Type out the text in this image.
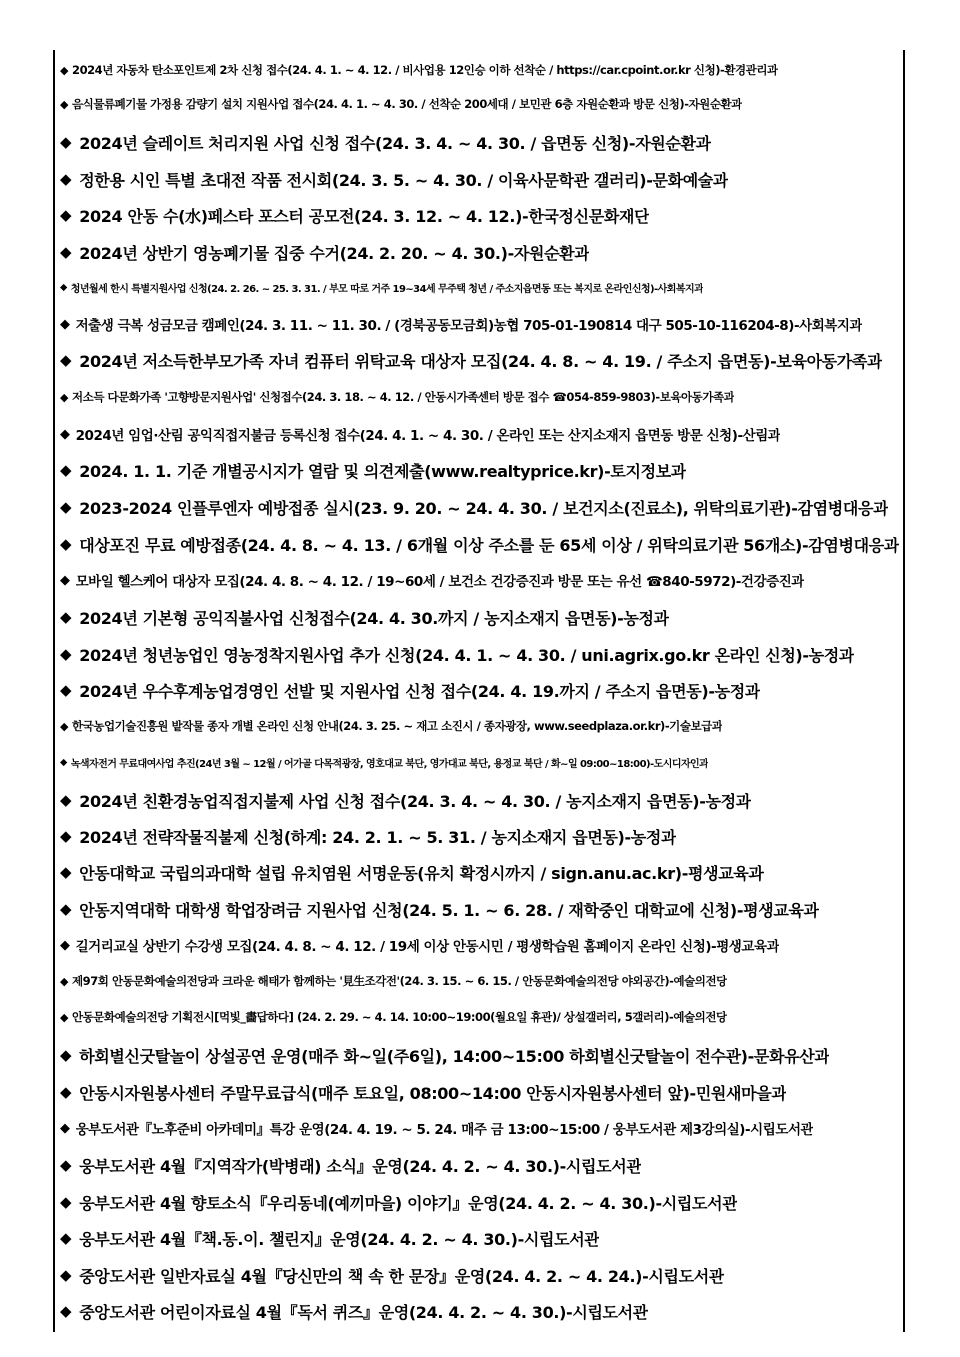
◆ 2024년 자동차 탄소포인트제 2차 신청 접수(24. 4. 1. ~ 4. 12. / 비사업용 12인승 이하 선착순 / https://car.cpoint.or.kr 신청)-환경관리과
◆ 음식물류폐기물 가정용 감량기 설치 지원사업 접수(24. 4. 1. ~ 4. 30. / 선착순 200세대 / 보민관 6층 자원순환과 방문 신청)-자원순환과
◆ 2024년 슬레이트 처리지원 사업 신청 접수(24. 3. 4. ~ 4. 30. / 읍면동 신청)-자원순환과
◆ 정한용 시인 특별 초대전 작품 전시회(24. 3. 5. ~ 4. 30. / 이육사문학관 갤러리)-문화예술과
◆ 2024 안동 수(水)페스타 포스터 공모전(24. 3. 12. ~ 4. 12.)-한국정신문화재단
◆ 2024년 상반기 영농폐기물 집중 수거(24. 2. 20. ~ 4. 30.)-자원순환과
◆ 청년월세 한시 특별지원사업 신청(24. 2. 26. ~ 25. 3. 31. / 부모 따로 거주 19~34세 무주택 청년 / 주소지읍면동 또는 복지로 온라인신청)-사회복지과
◆ 저출생 극복 성금모금 캠페인(24. 3. 11. ~ 11. 30. / (경북공동모금회)농협 705-01-190814 대구 505-10-116204-8)-사회복지과
◆ 2024년 저소득한부모가족 자녀 컴퓨터 위탁교육 대상자 모집(24. 4. 8. ~ 4. 19. / 주소지 읍면동)-보육아동가족과
◆ 저소득 다문화가족 '고향방문지원사업' 신청접수(24. 3. 18. ~ 4. 12. / 안동시가족센터 방문 접수 ☎054-859-9803)-보육아동가족과
◆ 2024년 임업·산림 공익직접지불금 등록신청 접수(24. 4. 1. ~ 4. 30. / 온라인 또는 산지소재지 읍면동 방문 신청)-산림과
◆ 2024. 1. 1. 기준 개별공시지가 열람 및 의견제출(www.realtyprice.kr)-토지정보과
◆ 2023-2024 인플루엔자 예방접종 실시(23. 9. 20. ~ 24. 4. 30. / 보건지소(진료소), 위탁의료기관)-감염병대응과
◆ 대상포진 무료 예방접종(24. 4. 8. ~ 4. 13. / 6개월 이상 주소를 둔 65세 이상 / 위탁의료기관 56개소)-감염병대응과
◆ 모바일 헬스케어 대상자 모집(24. 4. 8. ~ 4. 12. / 19~60세 / 보건소 건강증진과 방문 또는 유선 ☎840-5972)-건강증진과
◆ 2024년 기본형 공익직불사업 신청접수(24. 4. 30.까지 / 농지소재지 읍면동)-농정과
◆ 2024년 청년농업인 영농정착지원사업 추가 신청(24. 4. 1. ~ 4. 30. / uni.agrix.go.kr 온라인 신청)-농정과
◆ 2024년 우수후계농업경영인 선발 및 지원사업 신청 접수(24. 4. 19.까지 / 주소지 읍면동)-농정과
◆ 한국농업기술진흥원 밭작물 종자 개별 온라인 신청 안내(24. 3. 25. ~ 재고 소진시 / 종자광장, www.seedplaza.or.kr)-기술보급과
◆ 녹색자전거 무료대여사업 추진(24년 3월 ~ 12월 / 어가골 다목적광장, 영호대교 북단, 영가대교 북단, 용정교 북단 / 화~일 09:00~18:00)-도시디자인과
◆ 2024년 친환경농업직접지불제 사업 신청 접수(24. 3. 4. ~ 4. 30. / 농지소재지 읍면동)-농정과
◆ 2024년 전략작물직불제 신청(하계: 24. 2. 1. ~ 5. 31. / 농지소재지 읍면동)-농정과
◆ 안동대학교 국립의과대학 설립 유치염원 서명운동(유치 확정시까지 / sign.anu.ac.kr)-평생교육과
◆ 안동지역대학 대학생 학업장려금 지원사업 신청(24. 5. 1. ~ 6. 28. / 재학중인 대학교에 신청)-평생교육과
◆ 길거리교실 상반기 수강생 모집(24. 4. 8. ~ 4. 12. / 19세 이상 안동시민 / 평생학습원 홈페이지 온라인 신청)-평생교육과
◆ 제97회 안동문화예술의전당과 크라운 해태가 함께하는 '見生조각전'(24. 3. 15. ~ 6. 15. / 안동문화예술의전당 야외공간)-예술의전당
◆ 안동문화예술의전당 기획전시[먹빛_畵답하다] (24. 2. 29. ~ 4. 14. 10:00~19:00(월요일 휴관)/ 상설갤러리, 5갤러리)-예술의전당
◆ 하회별신굿탈놀이 상설공연 운영(매주 화~일(주6일), 14:00~15:00 하회별신굿탈놀이 전수관)-문화유산과
◆ 안동시자원봉사센터 주말무료급식(매주 토요일, 08:00~14:00 안동시자원봉사센터 앞)-민원새마을과
◆ 웅부도서관『노후준비 아카데미』특강 운영(24. 4. 19. ~ 5. 24. 매주 금 13:00~15:00 / 웅부도서관 제3강의실)-시립도서관
◆ 웅부도서관 4월『지역작가(박병래) 소식』운영(24. 4. 2. ~ 4. 30.)-시립도서관
◆ 웅부도서관 4월 향토소식『우리동네(예끼마을) 이야기』운영(24. 4. 2. ~ 4. 30.)-시립도서관
◆ 웅부도서관 4월『책.동.이. 챌린지』운영(24. 4. 2. ~ 4. 30.)-시립도서관
◆ 중앙도서관 일반자료실 4월『당신만의 책 속 한 문장』운영(24. 4. 2. ~ 4. 24.)-시립도서관
◆ 중앙도서관 어린이자료실 4월『독서 퀴즈』운영(24. 4. 2. ~ 4. 30.)-시립도서관
